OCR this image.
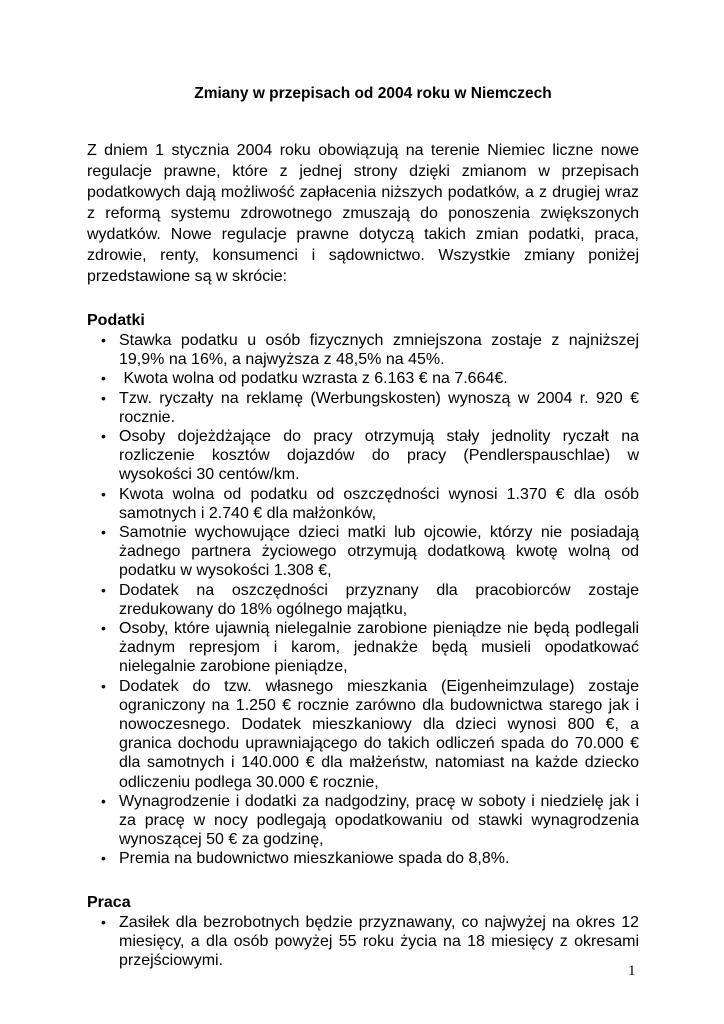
Zmiany w przepisach od 2004 roku w Niemczech

Z dniem 1 stycznia 2004 roku obowiązują na terenie Niemiec liczne nowe regulacje prawne, które z jednej strony dzięki zmianom w przepisach podatkowych dają możliwość zapłacenia niższych podatków, a z drugiej wraz z reformą systemu zdrowotnego zmuszają do ponoszenia zwiększonych wydatków. Nowe regulacje prawne dotyczą takich zmian podatki, praca, zdrowie, renty, konsumenci i sądownictwo. Wszystkie zmiany poniżej przedstawione są w skrócie:

Podatki
• Stawka podatku u osób fizycznych zmniejszona zostaje z najniższej 19,9% na 16%, a najwyższa z 48,5% na 45%.
• Kwota wolna od podatku wzrasta z 6.163 € na 7.664€.
• Tzw. ryczałty na reklamę (Werbungskosten) wynoszą w 2004 r. 920 € rocznie.
• Osoby dojeżdżające do pracy otrzymują stały jednolity ryczałt na rozliczenie kosztów dojazdów do pracy (Pendlerspauschlae) w wysokości 30 centów/km.
• Kwota wolna od podatku od oszczędności wynosi 1.370 € dla osób samotnych i 2.740 € dla małżonków,
• Samotnie wychowujące dzieci matki lub ojcowie, którzy nie posiadają żadnego partnera życiowego otrzymują dodatkową kwotę wolną od podatku w wysokości 1.308 €,
• Dodatek na oszczędności przyznany dla pracobiorców zostaje zredukowany do 18% ogólnego majątku,
• Osoby, które ujawnią nielegalnie zarobione pieniądze nie będą podlegali żadnym represjom i karom, jednakże będą musieli opodatkować nielegalnie zarobione pieniądze,
• Dodatek do tzw. własnego mieszkania (Eigenheimzulage) zostaje ograniczony na 1.250 € rocznie zarówno dla budownictwa starego jak i nowoczesnego. Dodatek mieszkaniowy dla dzieci wynosi 800 €, a granica dochodu uprawniającego do takich odliczeń spada do 70.000 € dla samotnych i 140.000 € dla małżeństw, natomiast na każde dziecko odliczeniu podlega 30.000 € rocznie,
• Wynagrodzenie i dodatki za nadgodziny, pracę w soboty i niedzielę jak i za pracę w nocy podlegają opodatkowaniu od stawki wynagrodzenia wynoszącej 50 € za godzinę,
• Premia na budownictwo mieszkaniowe spada do 8,8%.
Praca
• Zasiłek dla bezrobotnych będzie przyznawany, co najwyżej na okres 12 miesięcy, a dla osób powyżej 55 roku życia na 18 miesięcy z okresami przejściowymi.
1
